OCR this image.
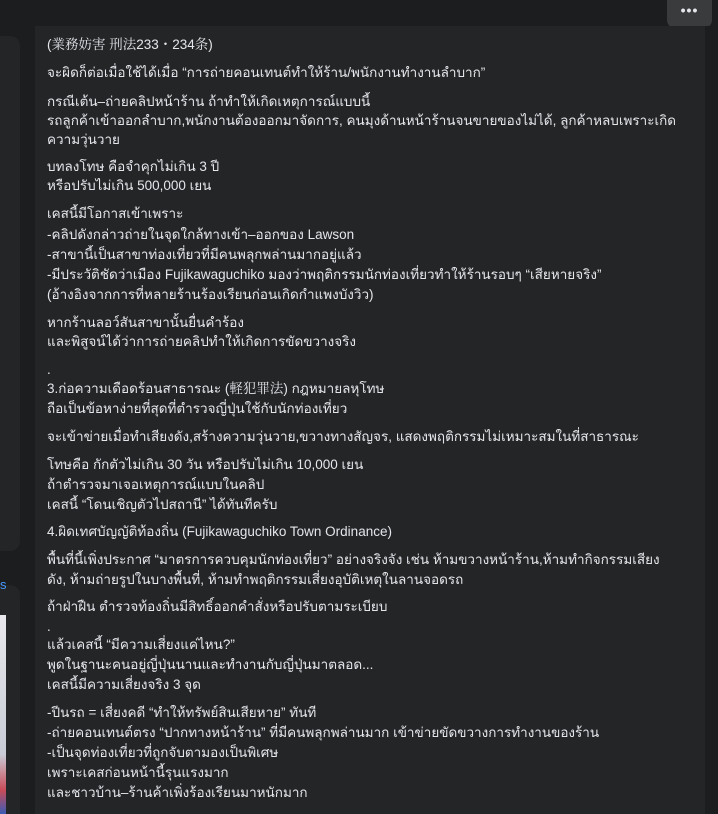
•••
s
(業務妨害 刑法233・234条)
จะผิดก็ต่อเมื่อใช้ได้เมื่อ “การถ่ายคอนเทนต์ทำให้ร้าน/พนักงานทำงานลำบาก”
กรณีเต้น–ถ่ายคลิปหน้าร้าน ถ้าทำให้เกิดเหตุการณ์แบบนี้
รถลูกค้าเข้าออกลำบาก,พนักงานต้องออกมาจัดการ, คนมุงด้านหน้าร้านจนขายของไม่ได้, ลูกค้าหลบเพราะเกิด
ความวุ่นวาย
บทลงโทษ คือจำคุกไม่เกิน 3 ปี
หรือปรับไม่เกิน 500,000 เยน
เคสนี้มีโอกาสเข้าเพราะ
-คลิปดังกล่าวถ่ายในจุดใกล้ทางเข้า–ออกของ Lawson
-สาขานี้เป็นสาขาท่องเที่ยวที่มีคนพลุกพล่านมากอยู่แล้ว
-มีประวัติชัดว่าเมือง Fujikawaguchiko มองว่าพฤติกรรมนักท่องเที่ยวทำให้ร้านรอบๆ “เสียหายจริง”
(อ้างอิงจากการที่หลายร้านร้องเรียนก่อนเกิดกำแพงบังวิว)
หากร้านลอว์สันสาขานั้นยื่นคำร้อง
และพิสูจน์ได้ว่าการถ่ายคลิปทำให้เกิดการขัดขวางจริง
.
3.ก่อความเดือดร้อนสาธารณะ (軽犯罪法) กฎหมายลหุโทษ
ถือเป็นข้อหาง่ายที่สุดที่ตำรวจญี่ปุ่นใช้กับนักท่องเที่ยว
จะเข้าข่ายเมื่อทำเสียงดัง,สร้างความวุ่นวาย,ขวางทางสัญจร, แสดงพฤติกรรมไม่เหมาะสมในที่สาธารณะ
โทษคือ กักตัวไม่เกิน 30 วัน หรือปรับไม่เกิน 10,000 เยน
ถ้าตำรวจมาเจอเหตุการณ์แบบในคลิป
เคสนี้ “โดนเชิญตัวไปสถานี” ได้ทันทีครับ
4.ผิดเทศบัญญัติท้องถิ่น (Fujikawaguchiko Town Ordinance)
พื้นที่นี้เพิ่งประกาศ “มาตรการควบคุมนักท่องเที่ยว” อย่างจริงจัง เช่น ห้ามขวางหน้าร้าน,ห้ามทำกิจกรรมเสียง
ดัง, ห้ามถ่ายรูปในบางพื้นที่, ห้ามทำพฤติกรรมเสี่ยงอุบัติเหตุในลานจอดรถ
ถ้าฝ่าฝืน ตำรวจท้องถิ่นมีสิทธิ์ออกคำสั่งหรือปรับตามระเบียบ
.
แล้วเคสนี้ “มีความเสี่ยงแค่ไหน?”
พูดในฐานะคนอยู่ญี่ปุ่นนานและทำงานกับญี่ปุ่นมาตลอด...
เคสนี้มีความเสี่ยงจริง 3 จุด
-ปีนรถ = เสี่ยงคดี “ทำให้ทรัพย์สินเสียหาย” ทันที
-ถ่ายคอนเทนต์ตรง “ปากทางหน้าร้าน” ที่มีคนพลุกพล่านมาก เข้าข่ายขัดขวางการทำงานของร้าน
-เป็นจุดท่องเที่ยวที่ถูกจับตามองเป็นพิเศษ
เพราะเคสก่อนหน้านี้รุนแรงมาก
และชาวบ้าน–ร้านค้าเพิ่งร้องเรียนมาหนักมาก
